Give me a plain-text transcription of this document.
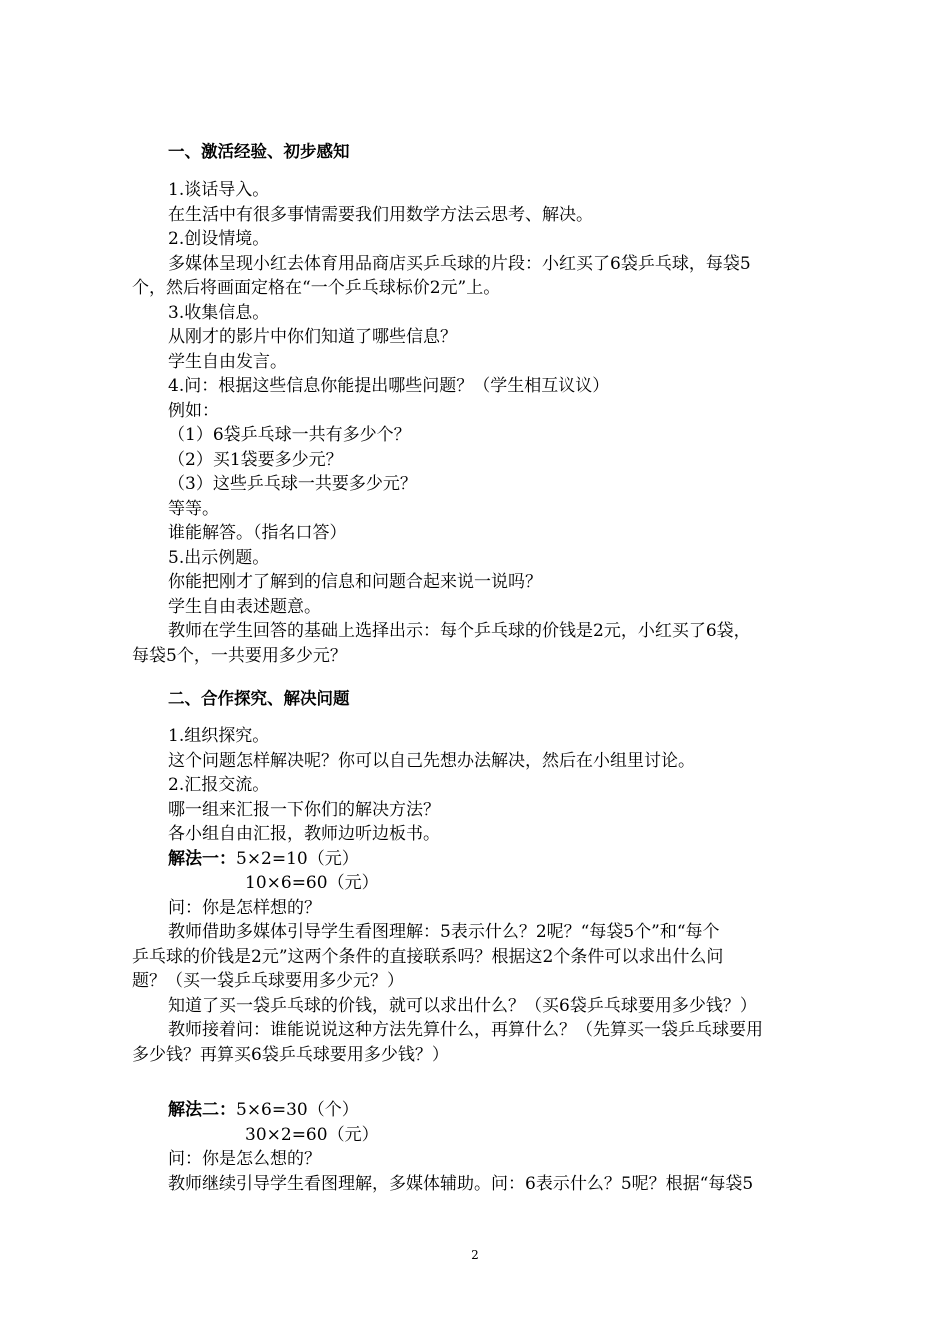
一、激活经验、初步感知
1.谈话导入。
在生活中有很多事情需要我们用数学方法云思考、解决。
2.创设情境。
多媒体呈现小红去体育用品商店买乒乓球的片段：小红买了6袋乒乓球，每袋5
个，然后将画面定格在“一个乒乓球标价2元”上。
3.收集信息。
从刚才的影片中你们知道了哪些信息？
学生自由发言。
4.问：根据这些信息你能提出哪些问题？（学生相互议议）
例如：
（1）6袋乒乓球一共有多少个？
（2）买1袋要多少元？
（3）这些乒乓球一共要多少元？
等等。
谁能解答。（指名口答）
5.出示例题。
你能把刚才了解到的信息和问题合起来说一说吗？
学生自由表述题意。
教师在学生回答的基础上选择出示：每个乒乓球的价钱是2元，小红买了6袋，
每袋5个，一共要用多少元？
二、合作探究、解决问题
1.组织探究。
这个问题怎样解决呢？你可以自己先想办法解决，然后在小组里讨论。
2.汇报交流。
哪一组来汇报一下你们的解决方法？
各小组自由汇报，教师边听边板书。
解法一：5×2=10（元）
10×6=60（元）
问：你是怎样想的？
教师借助多媒体引导学生看图理解：5表示什么？2呢？“每袋5个”和“每个
乒乓球的价钱是2元”这两个条件的直接联系吗？根据这2个条件可以求出什么问
题？（买一袋乒乓球要用多少元？）
知道了买一袋乒乓球的价钱，就可以求出什么？（买6袋乒乓球要用多少钱？）
教师接着问：谁能说说这种方法先算什么，再算什么？（先算买一袋乒乓球要用
多少钱？再算买6袋乒乓球要用多少钱？）
解法二：5×6=30（个）
30×2=60（元）
问：你是怎么想的？
教师继续引导学生看图理解，多媒体辅助。问：6表示什么？5呢？根据“每袋5
2
